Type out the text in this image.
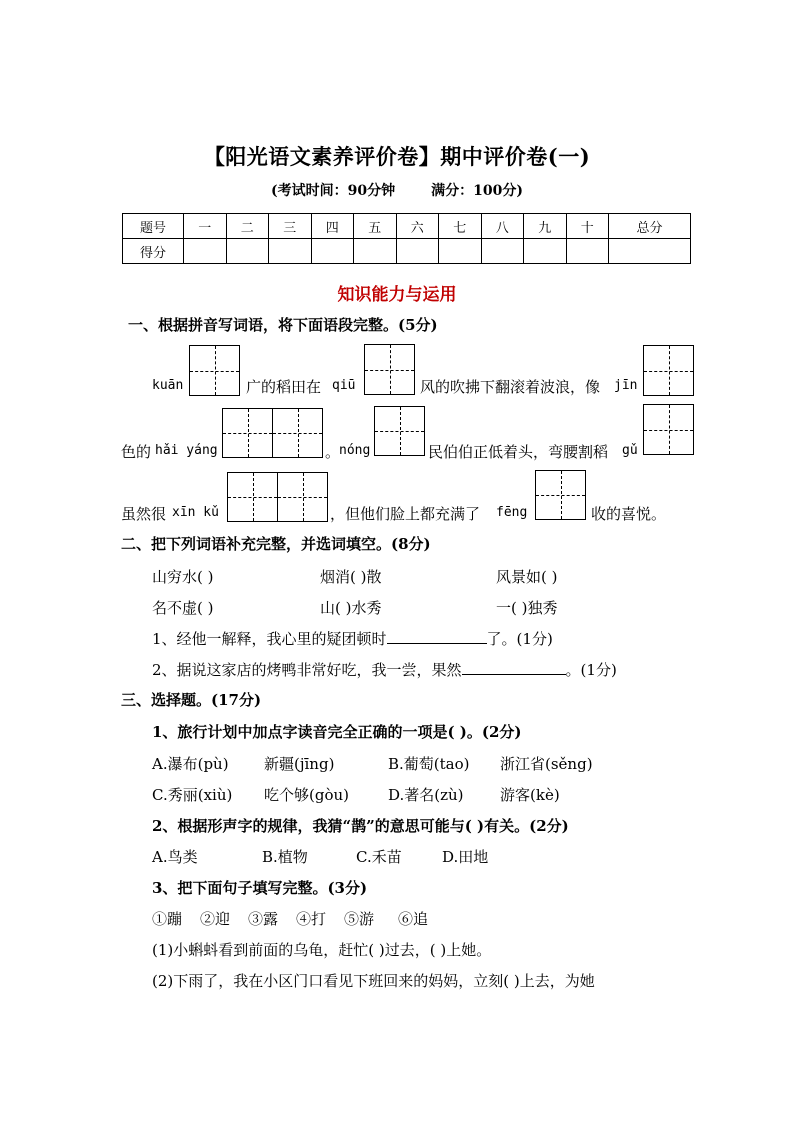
【阳光语文素养评价卷】期中评价卷(一)
(考试时间：90分钟	满分：100分)
题号	一	二	三	四	五	六	七	八	九	十	总分
得分											
知识能力与运用
一、根据拼音写词语，将下面语段完整。(5分)
kuān	广的稻田在 qiū	风的吹拂下翻滚着波浪，像 jīn
色的 hǎi yáng	。
nóng	民伯伯正低着头，弯腰割稻 gǔ
虽然很 xīn kǔ	，但他们脸上都充满了 fēng	收的喜悦。
二、把下列词语补充完整，并选词填空。(8分)
山穷水( )	烟消( )散	风景如( )
名不虚( )	山( )水秀	一( )独秀
1、经他一解释，我心里的疑团顿时	了。(1分)
2、据说这家店的烤鸭非常好吃，我一尝，果然	。(1分)
三、选择题。(17分)
1、旅行计划中加点字读音完全正确的一项是( )。(2分)
A.瀑布(pù) 新疆(jīng)	B.葡萄(tao) 浙江省(sěng)
C.秀丽(xiù) 吃个够(gòu)	D.著名(zù) 游客(kè)
2、根据形声字的规律，我猜“鹊”的意思可能与( )有关。(2分)
A.鸟类	B.植物	C.禾苗	D.田地
3、把下面句子填写完整。(3分)
①蹦 ②迎 ③露 ④打 ⑤游 ⑥追
(1)小蝌蚪看到前面的乌龟，赶忙( )过去，( )上她。
(2)下雨了，我在小区门口看见下班回来的妈妈，立刻( )上去，为她
